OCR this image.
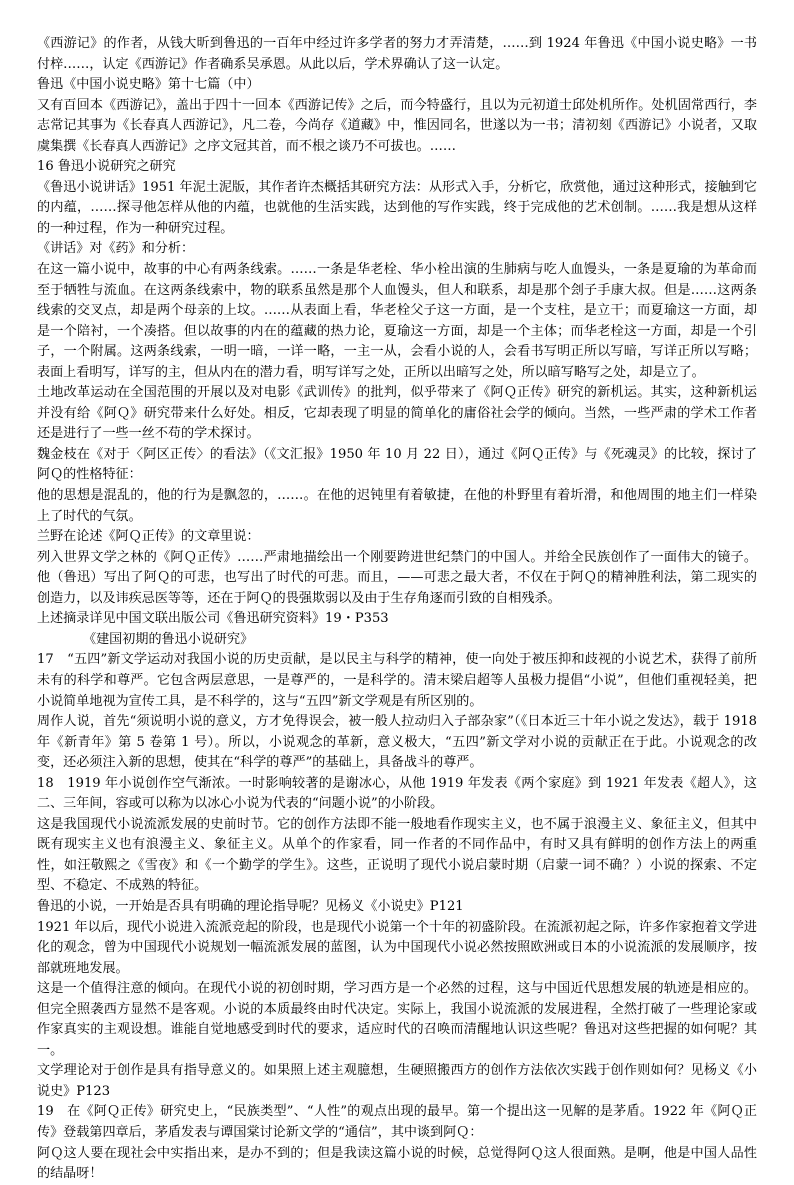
《西游记》的作者，从钱大昕到鲁迅的一百年中经过许多学者的努力才弄清楚，……到 1924 年鲁迅《中国小说史略》一书付梓……，认定《西游记》作者确系吴承恩。从此以后，学术界确认了这一认定。

鲁迅《中国小说史略》第十七篇（中）

又有百回本《西游记》，盖出于四十一回本《西游记传》之后，而今特盛行，且以为元初道士邱处机所作。处机固常西行，李志常记其事为《长春真人西游记》，凡二卷，今尚存《道藏》中，惟因同名，世遂以为一书；清初刻《西游记》小说者，又取虞集撰《长春真人西游记》之序文冠其首，而不根之谈乃不可拔也。……

16 鲁迅小说研究之研究

《鲁迅小说讲话》1951 年泥土泥版，其作者许杰概括其研究方法：从形式入手，分析它，欣赏他，通过这种形式，接触到它的内蕴，……探寻他怎样从他的内蕴，也就他的生活实践，达到他的写作实践，终于完成他的艺术创制。……我是想从这样的一种过程，作为一种研究过程。

《讲话》对《药》和分析：

在这一篇小说中，故事的中心有两条线索。……一条是华老栓、华小栓出演的生肺病与吃人血馒头，一条是夏瑜的为革命而至于牺牲与流血。在这两条线索中，物的联系虽然是那个人血馒头，但人和联系，却是那个刽子手康大叔。但是……这两条线索的交叉点，却是两个母亲的上坟。……从表面上看，华老栓父子这一方面，是一个支柱，是立干；而夏瑜这一方面，却是一个陪衬，一个凑搭。但以故事的内在的蕴藏的热力论，夏瑜这一方面，却是一个主体；而华老栓这一方面，却是一个引子，一个附属。这两条线索，一明一暗，一详一略，一主一从，会看小说的人，会看书写明正所以写暗，写详正所以写略；表面上看明写，详写的主，但从内在的潜力看，明写详写之处，正所以出暗写之处，所以暗写略写之处，却是立了。

土地改革运动在全国范围的开展以及对电影《武训传》的批判，似乎带来了《阿Ｑ正传》研究的新机运。其实，这种新机运并没有给《阿Ｑ》研究带来什么好处。相反，它却表现了明显的简单化的庸俗社会学的倾向。当然，一些严肃的学术工作者还是进行了一些一丝不苟的学术探讨。

魏金枝在《对于〈阿区正传〉的看法》（《文汇报》1950 年 10 月 22 日），通过《阿Ｑ正传》与《死魂灵》的比较，探讨了阿Ｑ的性格特征：

他的思想是混乱的，他的行为是飘忽的，……。在他的迟钝里有着敏捷，在他的朴野里有着圻滑，和他周围的地主们一样染上了时代的气氛。

兰野在论述《阿Ｑ正传》的文章里说：

列入世界文学之林的《阿Ｑ正传》……严肃地描绘出一个刚要跨进世纪禁门的中国人。并给全民族创作了一面伟大的镜子。他（鲁迅）写出了阿Ｑ的可悲，也写出了时代的可悲。而且，——可悲之最大者，不仅在于阿Ｑ的精神胜利法，第二现实的创造力，以及讳疾忌医等等，还在于阿Ｑ的畏强欺弱以及由于生存角逐而引致的自相残杀。

上述摘录详见中国文联出版公司《鲁迅研究资料》19・P353

《建国初期的鲁迅小说研究》

17　“五四”新文学运动对我国小说的历史贡献，是以民主与科学的精神，使一向处于被压抑和歧视的小说艺术，获得了前所未有的科学和尊严。它包含两层意思，一是尊严的，一是科学的。清末梁启超等人虽极力提倡“小说”，但他们重视轻美，把小说简单地视为宣传工具，是不科学的，这与“五四”新文学观是有所区别的。

周作人说，首先“须说明小说的意义，方才免得误会，被一般人拉动归入子部杂家”（《日本近三十年小说之发达》，载于 1918 年《新青年》第 5 卷第 1 号）。所以，小说观念的革新，意义极大，“五四”新文学对小说的贡献正在于此。小说观念的改变，还必须注入新的思想，使其在“科学的尊严”的基础上，具备战斗的尊严。

18　1919 年小说创作空气渐浓。一时影响较著的是谢冰心，从他 1919 年发表《两个家庭》到 1921 年发表《超人》，这二、三年间，容或可以称为以冰心小说为代表的“问题小说”的小阶段。

这是我国现代小说流派发展的史前时节。它的创作方法即不能一般地看作现实主义，也不属于浪漫主义、象征主义，但其中既有现实主义也有浪漫主义、象征主义。从单个的作家看，同一作者的不同作品中，有时又具有鲜明的创作方法上的两重性，如汪敬熙之《雪夜》和《一个勤学的学生》。这些，正说明了现代小说启蒙时期（启蒙一词不确？）小说的探索、不定型、不稳定、不成熟的特征。

鲁迅的小说，一开始是否具有明确的理论指导呢？见杨义《小说史》P121

1921 年以后，现代小说进入流派竞起的阶段，也是现代小说第一个十年的初盛阶段。在流派初起之际，许多作家抱着文学进化的观念，曾为中国现代小说规划一幅流派发展的蓝图，认为中国现代小说必然按照欧洲或日本的小说流派的发展顺序，按部就班地发展。

这是一个值得注意的倾向。在现代小说的初创时期，学习西方是一个必然的过程，这与中国近代思想发展的轨迹是相应的。但完全照袭西方显然不是客观。小说的本质最终由时代决定。实际上，我国小说流派的发展进程，全然打破了一些理论家或作家真实的主观设想。谁能自觉地感受到时代的要求，适应时代的召唤而清醒地认识这些呢？鲁迅对这些把握的如何呢？其一。

文学理论对于创作是具有指导意义的。如果照上述主观臆想，生硬照搬西方的创作方法依次实践于创作则如何？见杨义《小说史》P123

19　在《阿Ｑ正传》研究史上，“民族类型”、“人性”的观点出现的最早。第一个提出这一见解的是茅盾。1922 年《阿Ｑ正传》登载第四章后，茅盾发表与谭国棠讨论新文学的“通信”，其中谈到阿Ｑ：

阿Ｑ这人要在现社会中实指出来，是办不到的；但是我读这篇小说的时候，总觉得阿Ｑ这人很面熟。是啊，他是中国人品性的结晶呀！
